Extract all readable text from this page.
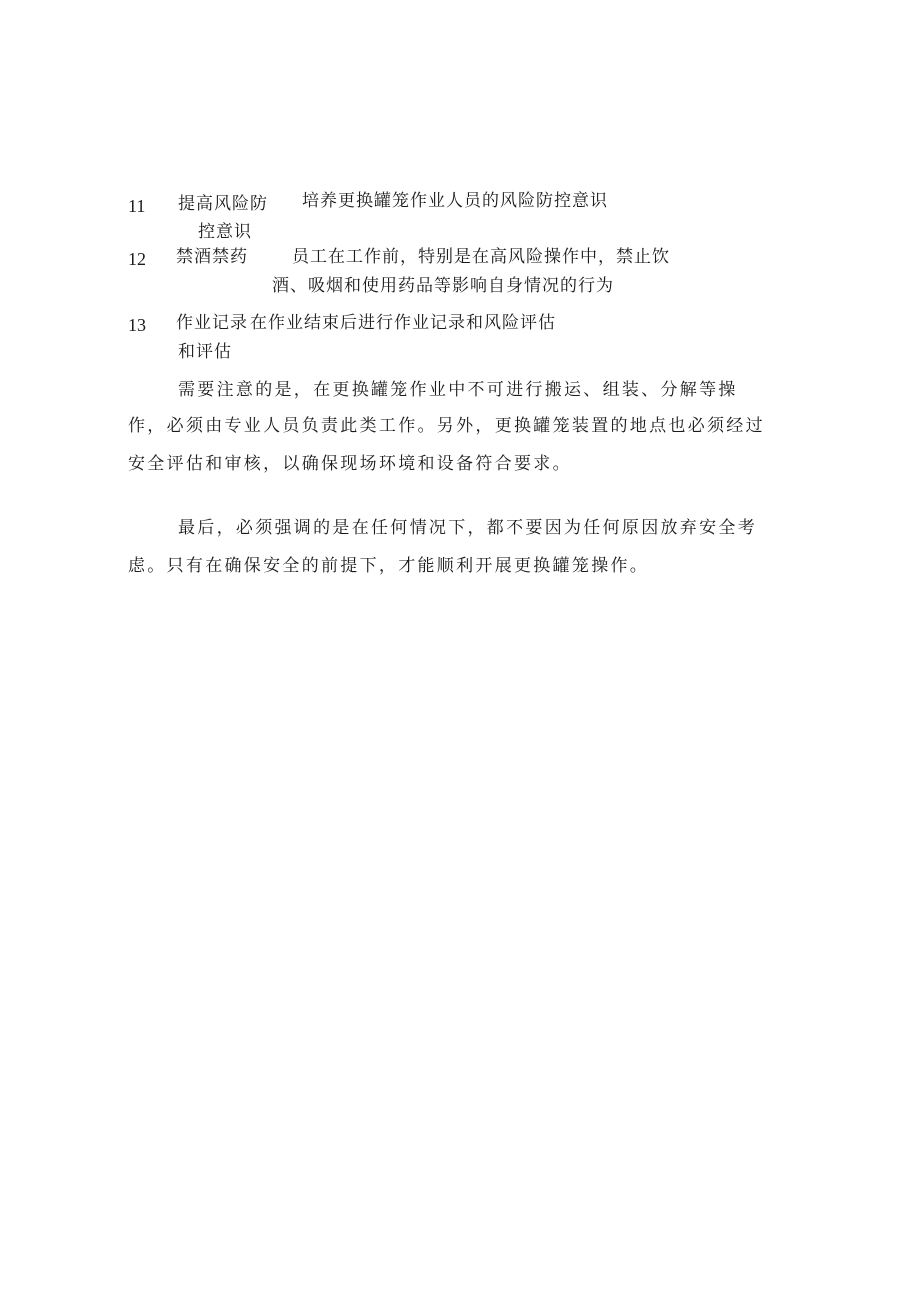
11 提高风险防
控意识
培养更换罐笼作业人员的风险防控意识
12 禁酒禁药	员工在工作前，特别是在高风险操作中，禁止饮
酒、吸烟和使用药品等影响自身情况的行为
13 作业记录
和评估
在作业结束后进行作业记录和风险评估
需要注意的是，在更换罐笼作业中不可进行搬运、组装、分解等操
作，必须由专业人员负责此类工作。另外，更换罐笼装置的地点也必须经过
安全评估和审核，以确保现场环境和设备符合要求。
最后，必须强调的是在任何情况下，都不要因为任何原因放弃安全考
虑。只有在确保安全的前提下，才能顺利开展更换罐笼操作。
